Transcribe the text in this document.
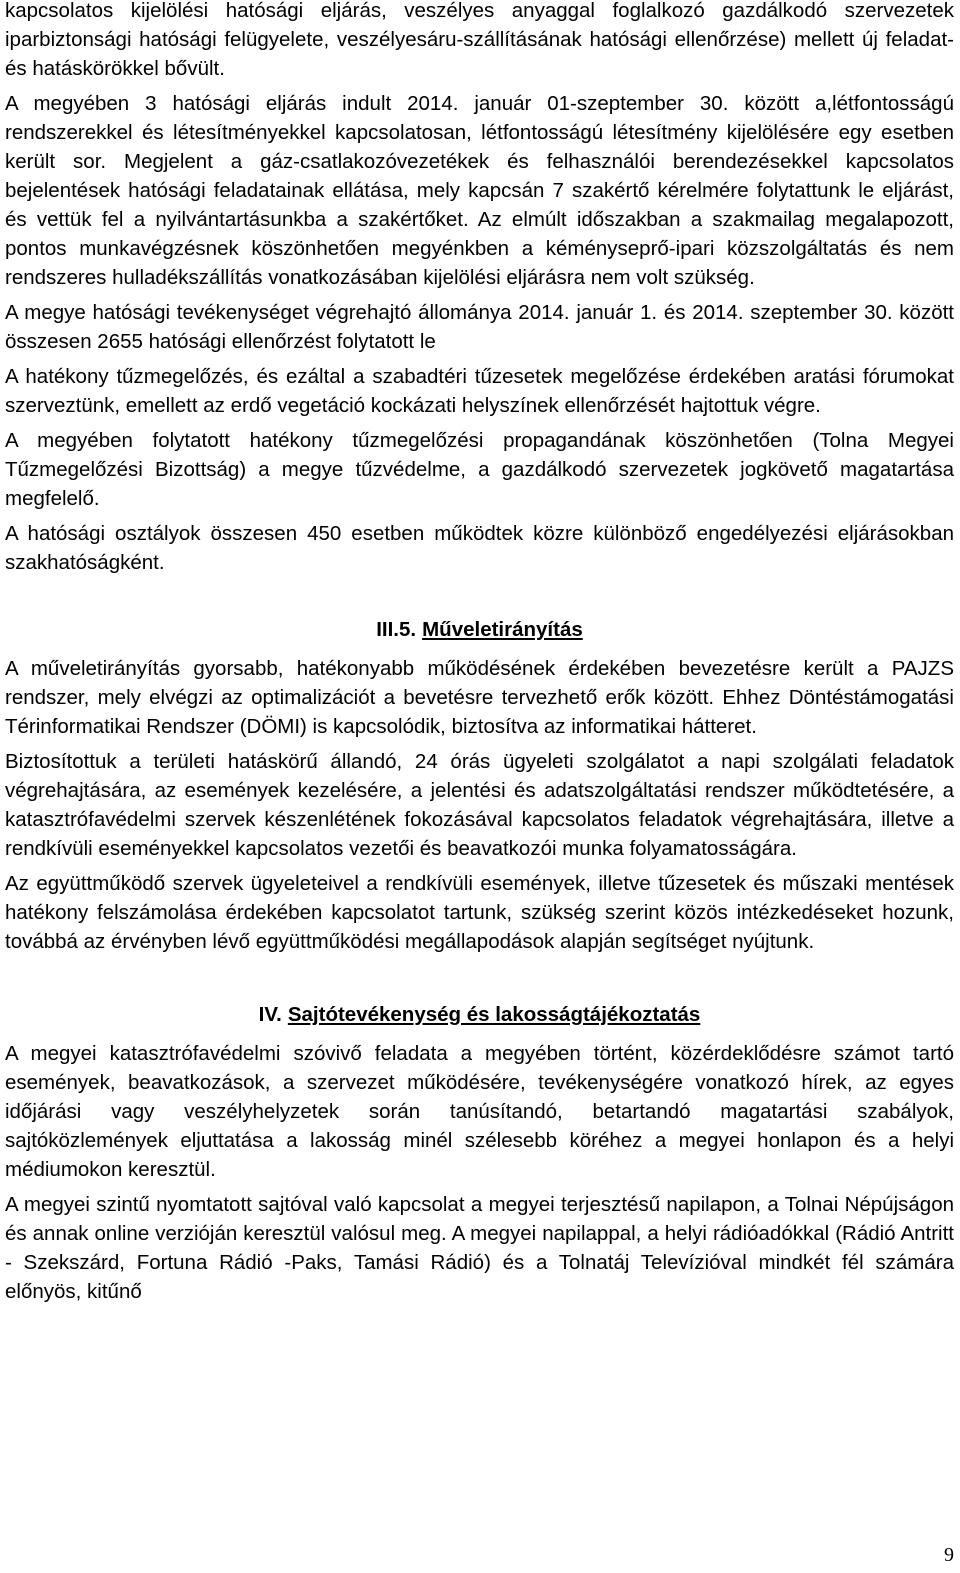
kapcsolatos kijelölési hatósági eljárás, veszélyes anyaggal foglalkozó gazdálkodó szervezetek iparbiztonsági hatósági felügyelete, veszélyesáru-szállításának hatósági ellenőrzése) mellett új feladat- és hatáskörökkel bővült.

A megyében 3 hatósági eljárás indult 2014. január 01-szeptember 30. között a,létfontosságú rendszerekkel és létesítményekkel kapcsolatosan, létfontosságú létesítmény kijelölésére egy esetben került sor. Megjelent a gáz-csatlakozóvezetékek és felhasználói berendezésekkel kapcsolatos bejelentések hatósági feladatainak ellátása, mely kapcsán 7 szakértő kérelmére folytattunk le eljárást, és vettük fel a nyilvántartásunkba a szakértőket. Az elmúlt időszakban a szakmailag megalapozott, pontos munkavégzésnek köszönhetően megyénkben a kéményseprő-ipari közszolgáltatás és nem rendszeres hulladékszállítás vonatkozásában kijelölési eljárásra nem volt szükség.

A megye hatósági tevékenységet végrehajtó állománya 2014. január 1. és 2014. szeptember 30. között összesen 2655 hatósági ellenőrzést folytatott le

A hatékony tűzmegelőzés, és ezáltal a szabadtéri tűzesetek megelőzése érdekében aratási fórumokat szerveztünk, emellett az erdő vegetáció kockázati helyszínek ellenőrzését hajtottuk végre.

A megyében folytatott hatékony tűzmegelőzési propagandának köszönhetően (Tolna Megyei Tűzmegelőzési Bizottság) a megye tűzvédelme, a gazdálkodó szervezetek jogkövető magatartása megfelelő.

A hatósági osztályok összesen 450 esetben működtek közre különböző engedélyezési eljárásokban szakhatóságként.

III.5. Műveletirányítás

A műveletirányítás gyorsabb, hatékonyabb működésének érdekében bevezetésre került a PAJZS rendszer, mely elvégzi az optimalizációt a bevetésre tervezhető erők között. Ehhez Döntéstámogatási Térinformatikai Rendszer (DÖMI) is kapcsolódik, biztosítva az informatikai hátteret.

Biztosítottuk a területi hatáskörű állandó, 24 órás ügyeleti szolgálatot a napi szolgálati feladatok végrehajtására, az események kezelésére, a jelentési és adatszolgáltatási rendszer működtetésére, a katasztrófavédelmi szervek készenlétének fokozásával kapcsolatos feladatok végrehajtására, illetve a rendkívüli eseményekkel kapcsolatos vezetői és beavatkozói munka folyamatosságára.

Az együttműködő szervek ügyeleteivel a rendkívüli események, illetve tűzesetek és műszaki mentések hatékony felszámolása érdekében kapcsolatot tartunk, szükség szerint közös intézkedéseket hozunk, továbbá az érvényben lévő együttműködési megállapodások alapján segítséget nyújtunk.

IV. Sajtótevékenység és lakosságtájékoztatás

A megyei katasztrófavédelmi szóvivő feladata a megyében történt, közérdeklődésre számot tartó események, beavatkozások, a szervezet működésére, tevékenységére vonatkozó hírek, az egyes időjárási vagy veszélyhelyzetek során tanúsítandó, betartandó magatartási szabályok, sajtóközlemények eljuttatása a lakosság minél szélesebb köréhez a megyei honlapon és a helyi médiumokon keresztül.

A megyei szintű nyomtatott sajtóval való kapcsolat a megyei terjesztésű napilapon, a Tolnai Népújságon és annak online verzióján keresztül valósul meg. A megyei napilappal, a helyi rádióadókkal (Rádió Antritt - Szekszárd, Fortuna Rádió -Paks, Tamási Rádió) és a Tolnatáj Televízióval mindkét fél számára előnyös, kitűnő

9
